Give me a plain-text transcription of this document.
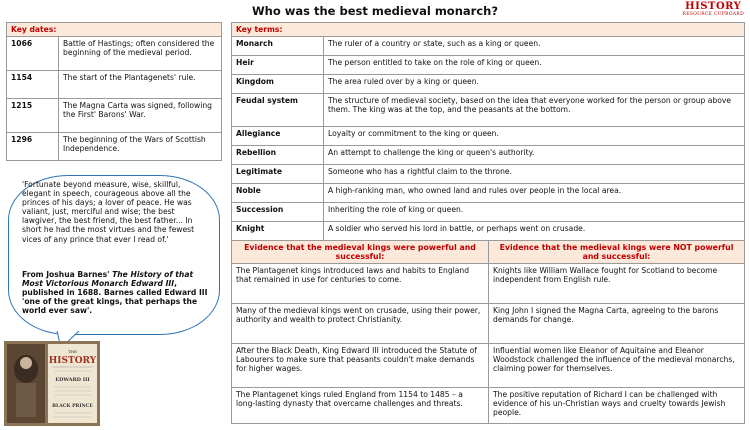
Who was the best medieval monarch?	HISTORY
RESOURCE CUPBOARD
Key dates:	
1066	Battle of Hastings; often considered the beginning of the medieval period.
1154	The start of the Plantagenets' rule.
1215	The Magna Carta was signed, following the First' Barons' War.
1296	The beginning of the Wars of Scottish Independence.
Key terms:	
Monarch	The ruler of a country or state, such as a king or queen.
Heir	The person entitled to take on the role of king or queen.
Kingdom	The area ruled over by a king or queen.
Feudal system	The structure of medieval society, based on the idea that everyone worked for the person or group above them. The king was at the top, and the peasants at the bottom.
Allegiance	Loyalty or commitment to the king or queen.
Rebellion	An attempt to challenge the king or queen's authority.
Legitimate	Someone who has a rightful claim to the throne.
Noble	A high-ranking man, who owned land and rules over people in the local area.
Succession	Inheriting the role of king or queen.
Knight	A soldier who served his lord in battle, or perhaps went on crusade.
'Fortunate beyond measure, wise, skillful, elegant in speech, courageous above all the princes of his days; a lover of peace. He was valiant, just, merciful and wise; the best lawgiver, the best friend, the best father... In short he had the most virtues and the fewest vices of any prince that ever I read of.'
From Joshua Barnes' The History of that Most Victorious Monarch Edward III, published in 1688. Barnes called Edward III 'one of the great kings, that perhaps the world ever saw'.
THE
HISTORY
EDWARD III
BLACK PRINCE
Evidence that the medieval kings were powerful and successful:	Evidence that the medieval kings were NOT powerful and successful:
The Plantagenet kings introduced laws and habits to England that remained in use for centuries to come.	Knights like William Wallace fought for Scotland to become independent from English rule.
Many of the medieval kings went on crusade, using their power, authority and wealth to protect Christianity.	King John I signed the Magna Carta, agreeing to the barons demands for change.
After the Black Death, King Edward III introduced the Statute of Labourers to make sure that peasants couldn't make demands for higher wages.	Influential women like Eleanor of Aquitaine and Eleanor Woodstock challenged the influence of the medieval monarchs, claiming power for themselves.
The Plantagenet kings ruled England from 1154 to 1485 – a long-lasting dynasty that overcame challenges and threats.	The positive reputation of Richard I can be challenged with evidence of his un-Christian ways and cruelty towards Jewish people.
